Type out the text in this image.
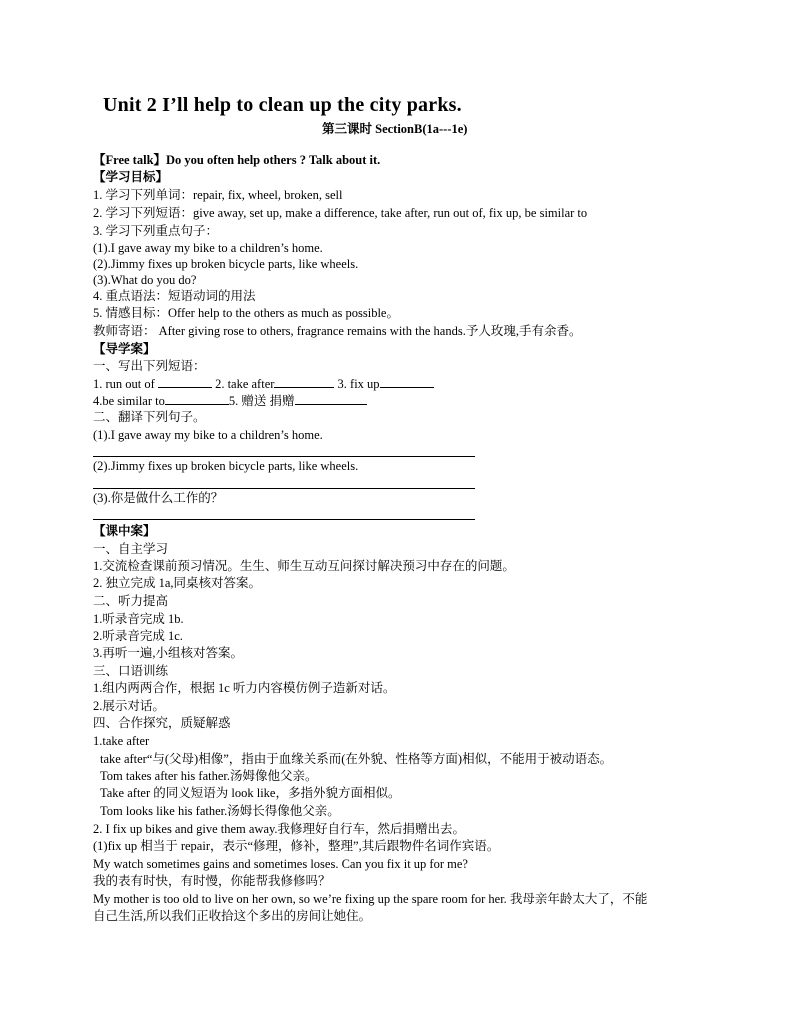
Unit 2 I’ll help to clean up the city parks.
第三课时 SectionB(1a---1e)
【Free talk】Do you often help others ? Talk about it.
【学习目标】
1. 学习下列单词：repair, fix, wheel, broken, sell
2. 学习下列短语：give away, set up, make a difference, take after, run out of, fix up, be similar to
3. 学习下列重点句子：
(1).I gave away my bike to a children’s home.
(2).Jimmy fixes up broken bicycle parts, like wheels.
(3).What do you do?
4. 重点语法：短语动词的用法
5. 情感目标：Offer help to the others as much as possible。
教师寄语： After giving rose to others, fragrance remains with the hands.予人玫瑰,手有余香。
【导学案】
一、写出下列短语：
1. run out of	2. take after	3. fix up
4.be similar to	5. 赠送 捐赠
二、翻译下列句子。
(1).I gave away my bike to a children’s home.
(2).Jimmy fixes up broken bicycle parts, like wheels.
(3).你是做什么工作的？
【课中案】
一、自主学习
1.交流检查课前预习情况。生生、师生互动互问探讨解决预习中存在的问题。
2. 独立完成 1a,同桌核对答案。
二、听力提高
1.听录音完成 1b.
2.听录音完成 1c.
3.再听一遍,小组核对答案。
三、口语训练
1.组内两两合作，根据 1c 听力内容模仿例子造新对话。
2.展示对话。
四、合作探究，质疑解惑
1.take after
take after“与(父母)相像”，指由于血缘关系而(在外貌、性格等方面)相似，不能用于被动语态。
Tom takes after his father.汤姆像他父亲。
Take after 的同义短语为 look like，多指外貌方面相似。
Tom looks like his father.汤姆长得像他父亲。
2. I fix up bikes and give them away.我修理好自行车，然后捐赠出去。
(1)fix up 相当于 repair，表示“修理，修补，整理”,其后跟物件名词作宾语。
My watch sometimes gains and sometimes loses. Can you fix it up for me?
我的表有时快，有时慢，你能帮我修修吗？
My mother is too old to live on her own, so we’re fixing up the spare room for her. 我母亲年龄太大了，不能
自己生活,所以我们正收拾这个多出的房间让她住。
